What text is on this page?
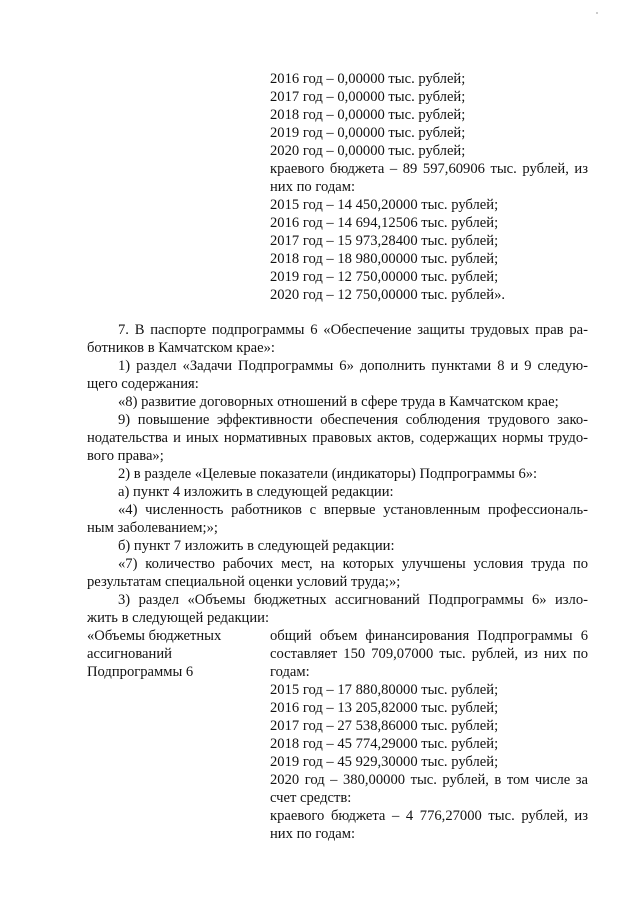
2016 год – 0,00000 тыс. рублей;
2017 год – 0,00000 тыс. рублей;
2018 год – 0,00000 тыс. рублей;
2019 год – 0,00000 тыс. рублей;
2020 год – 0,00000 тыс. рублей;
краевого бюджета – 89 597,60906 тыс. рублей, из
них по годам:
2015 год – 14 450,20000 тыс. рублей;
2016 год – 14 694,12506 тыс. рублей;
2017 год – 15 973,28400 тыс. рублей;
2018 год – 18 980,00000 тыс. рублей;
2019 год – 12 750,00000 тыс. рублей;
2020 год – 12 750,00000 тыс. рублей».
7. В паспорте подпрограммы 6 «Обеспечение защиты трудовых прав ра-
ботников в Камчатском крае»:
1) раздел «Задачи Подпрограммы 6» дополнить пунктами 8 и 9 следую-
щего содержания:
«8) развитие договорных отношений в сфере труда в Камчатском крае;
9) повышение эффективности обеспечения соблюдения трудового зако-
нодательства и иных нормативных правовых актов, содержащих нормы трудо-
вого права»;
2) в разделе «Целевые показатели (индикаторы) Подпрограммы 6»:
а) пункт 4 изложить в следующей редакции:
«4) численность работников с впервые установленным профессиональ-
ным заболеванием;»;
б) пункт 7 изложить в следующей редакции:
«7) количество рабочих мест, на которых улучшены условия труда по
результатам специальной оценки условий труда;»;
3) раздел «Объемы бюджетных ассигнований Подпрограммы 6» изло-
жить в следующей редакции:
«Объемы бюджетных
ассигнований
Подпрограммы 6
общий объем финансирования Подпрограммы 6
составляет 150 709,07000 тыс. рублей, из них по
годам:
2015 год – 17 880,80000 тыс. рублей;
2016 год – 13 205,82000 тыс. рублей;
2017 год – 27 538,86000 тыс. рублей;
2018 год – 45 774,29000 тыс. рублей;
2019 год – 45 929,30000 тыс. рублей;
2020 год – 380,00000 тыс. рублей, в том числе за
счет средств:
краевого бюджета – 4 776,27000 тыс. рублей, из
них по годам:
